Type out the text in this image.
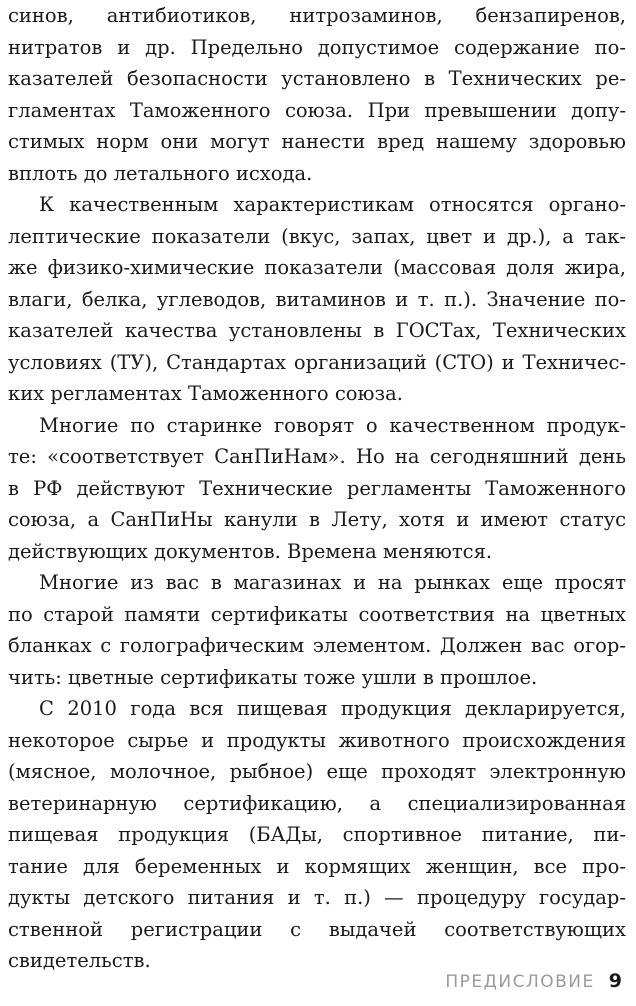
синов, антибиотиков, нитрозаминов, бензапиренов,
нитратов и др. Предельно допустимое содержание по-
казателей безопасности установлено в Технических ре-
гламентах Таможенного союза. При превышении допу-
стимых норм они могут нанести вред нашему здоровью
вплоть до летального исхода.
К качественным характеристикам относятся органо-
лептические показатели (вкус, запах, цвет и др.), а так-
же физико-химические показатели (массовая доля жира,
влаги, белка, углеводов, витаминов и т. п.). Значение по-
казателей качества установлены в ГОСТах, Технических
условиях (ТУ), Стандартах организаций (СТО) и Техничес-
ких регламентах Таможенного союза.
Многие по старинке говорят о качественном продук-
те: «соответствует СанПиНам». Но на сегодняшний день
в РФ действуют Технические регламенты Таможенного
союза, а СанПиНы канули в Лету, хотя и имеют статус
действующих документов. Времена меняются.
Многие из вас в магазинах и на рынках еще просят
по старой памяти сертификаты соответствия на цветных
бланках с голографическим элементом. Должен вас огор-
чить: цветные сертификаты тоже ушли в прошлое.
С 2010 года вся пищевая продукция декларируется,
некоторое сырье и продукты животного происхождения
(мясное, молочное, рыбное) еще проходят электронную
ветеринарную сертификацию, а специализированная
пищевая продукция (БАДы, спортивное питание, пи-
тание для беременных и кормящих женщин, все про-
дукты детского питания и т. п.) — процедуру государ-
ственной регистрации с выдачей соответствующих
свидетельств.
ПРЕДИСЛОВИЕ 9
